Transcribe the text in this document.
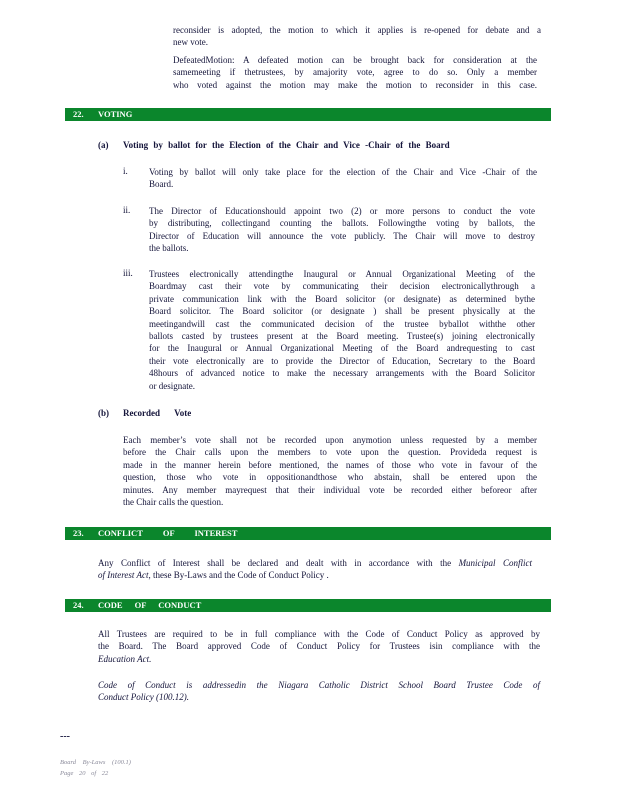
reconsider is adopted, the motion to which it applies is re-opened for debate and a
new vote.
DefeatedMotion: A defeated motion can be brought back for consideration at the
samemeeting if thetrustees, by amajority vote, agree to do so. Only a member
who voted against the motion may make the motion to reconsider in this case.
22. VOTING
(a) Voting by ballot for the Election of the Chair and Vice -Chair of the Board
i. Voting by ballot will only take place for the election of the Chair and Vice -Chair of the
Board.
ii. The Director of Educationshould appoint two (2) or more persons to conduct the vote
by distributing, collectingand counting the ballots. Followingthe voting by ballots, the
Director of Education will announce the vote publicly. The Chair will move to destroy
the ballots.
iii. Trustees electronically attendingthe Inaugural or Annual Organizational Meeting of the
Boardmay cast their vote by communicating their decision electronicallythrough a
private communication link with the Board solicitor (or designate) as determined bythe
Board solicitor. The Board solicitor (or designate ) shall be present physically at the
meetingandwill cast the communicated decision of the trustee byballot withthe other
ballots casted by trustees present at the Board meeting. Trustee(s) joining electronically
for the Inaugural or Annual Organizational Meeting of the Board andrequesting to cast
their vote electronically are to provide the Director of Education, Secretary to the Board
48hours of advanced notice to make the necessary arrangements with the Board Solicitor
or designate.
(b) Recorded Vote
Each member’s vote shall not be recorded upon anymotion unless requested by a member
before the Chair calls upon the members to vote upon the question. Provideda request is
made in the manner herein before mentioned, the names of those who vote in favour of the
question, those who vote in oppositionandthose who abstain, shall be entered upon the
minutes. Any member mayrequest that their individual vote be recorded either beforeor after
the Chair calls the question.
23. CONFLICT OF INTEREST
Any Conflict of Interest shall be declared and dealt with in accordance with the Municipal Conflict
of Interest Act, these By-Laws and the Code of Conduct Policy .
24. CODE OF CONDUCT
All Trustees are required to be in full compliance with the Code of Conduct Policy as approved by
the Board. The Board approved Code of Conduct Policy for Trustees isin compliance with the
Education Act.
Code of Conduct is addressedin the Niagara Catholic District School Board Trustee Code of
Conduct Policy (100.12).
---
Board By-Laws (100.1)
Page 20 of 22
